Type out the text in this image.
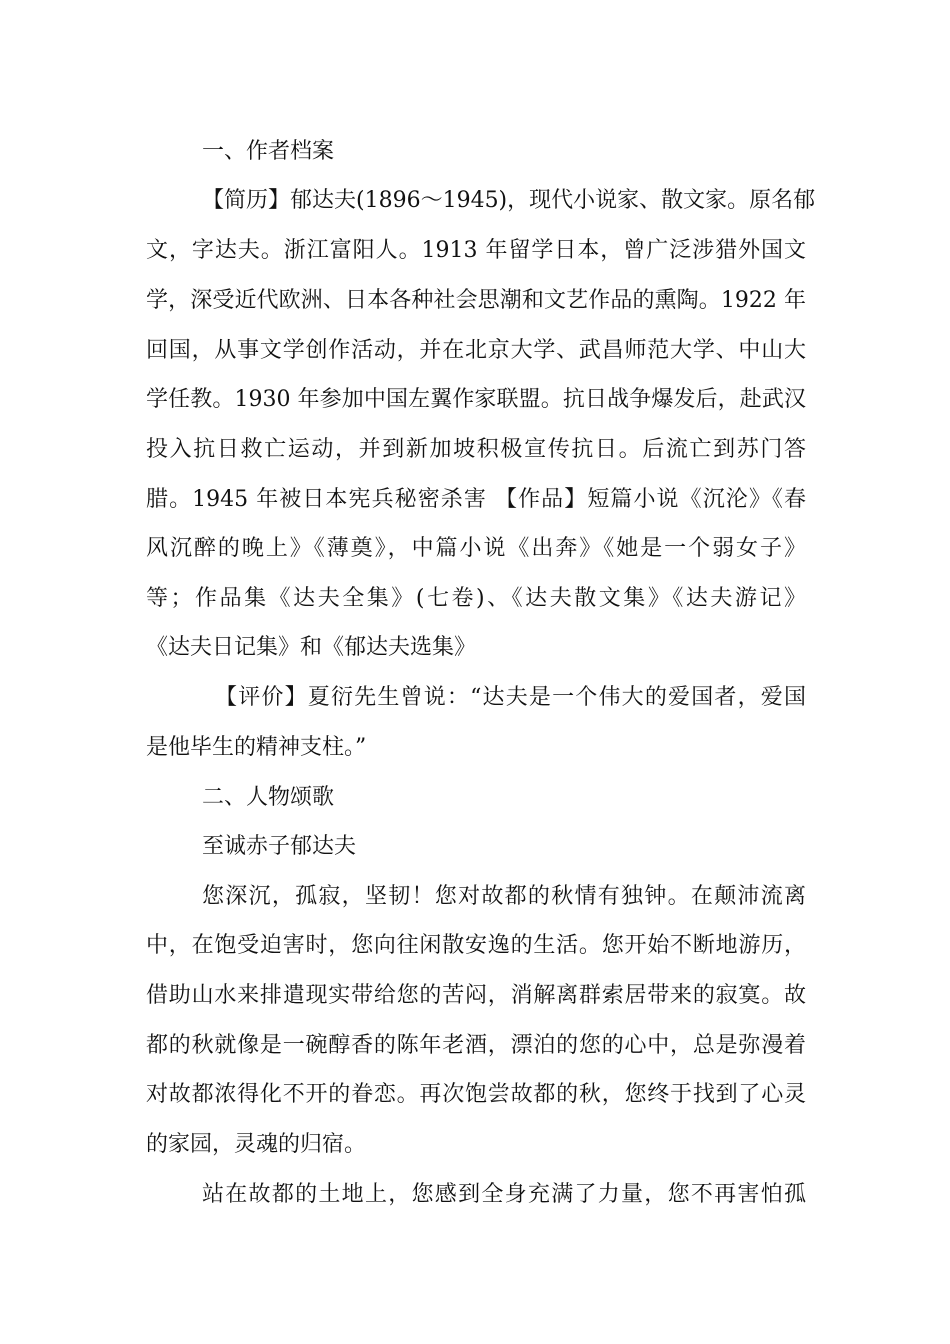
一、作者档案
【简历】郁达夫(1896～1945)，现代小说家、散文家。原名郁
文，字达夫。浙江富阳人。1913 年留学日本，曾广泛涉猎外国文
学，深受近代欧洲、日本各种社会思潮和文艺作品的熏陶。1922 年
回国，从事文学创作活动，并在北京大学、武昌师范大学、中山大
学任教。1930 年参加中国左翼作家联盟。抗日战争爆发后，赴武汉
投入抗日救亡运动，并到新加坡积极宣传抗日。后流亡到苏门答
腊。1945 年被日本宪兵秘密杀害 【作品】短篇小说《沉沦》《春
风沉醉的晚上》《薄奠》，中篇小说《出奔》《她是一个弱女子》
等；作品集《达夫全集》(七卷)、《达夫散文集》《达夫游记》
《达夫日记集》和《郁达夫选集》
【评价】夏衍先生曾说：“达夫是一个伟大的爱国者，爱国
是他毕生的精神支柱。”
二、人物颂歌
至诚赤子郁达夫
您深沉，孤寂，坚韧！您对故都的秋情有独钟。在颠沛流离
中，在饱受迫害时，您向往闲散安逸的生活。您开始不断地游历，
借助山水来排遣现实带给您的苦闷，消解离群索居带来的寂寞。故
都的秋就像是一碗醇香的陈年老酒，漂泊的您的心中，总是弥漫着
对故都浓得化不开的眷恋。再次饱尝故都的秋，您终于找到了心灵
的家园，灵魂的归宿。
站在故都的土地上，您感到全身充满了力量，您不再害怕孤
